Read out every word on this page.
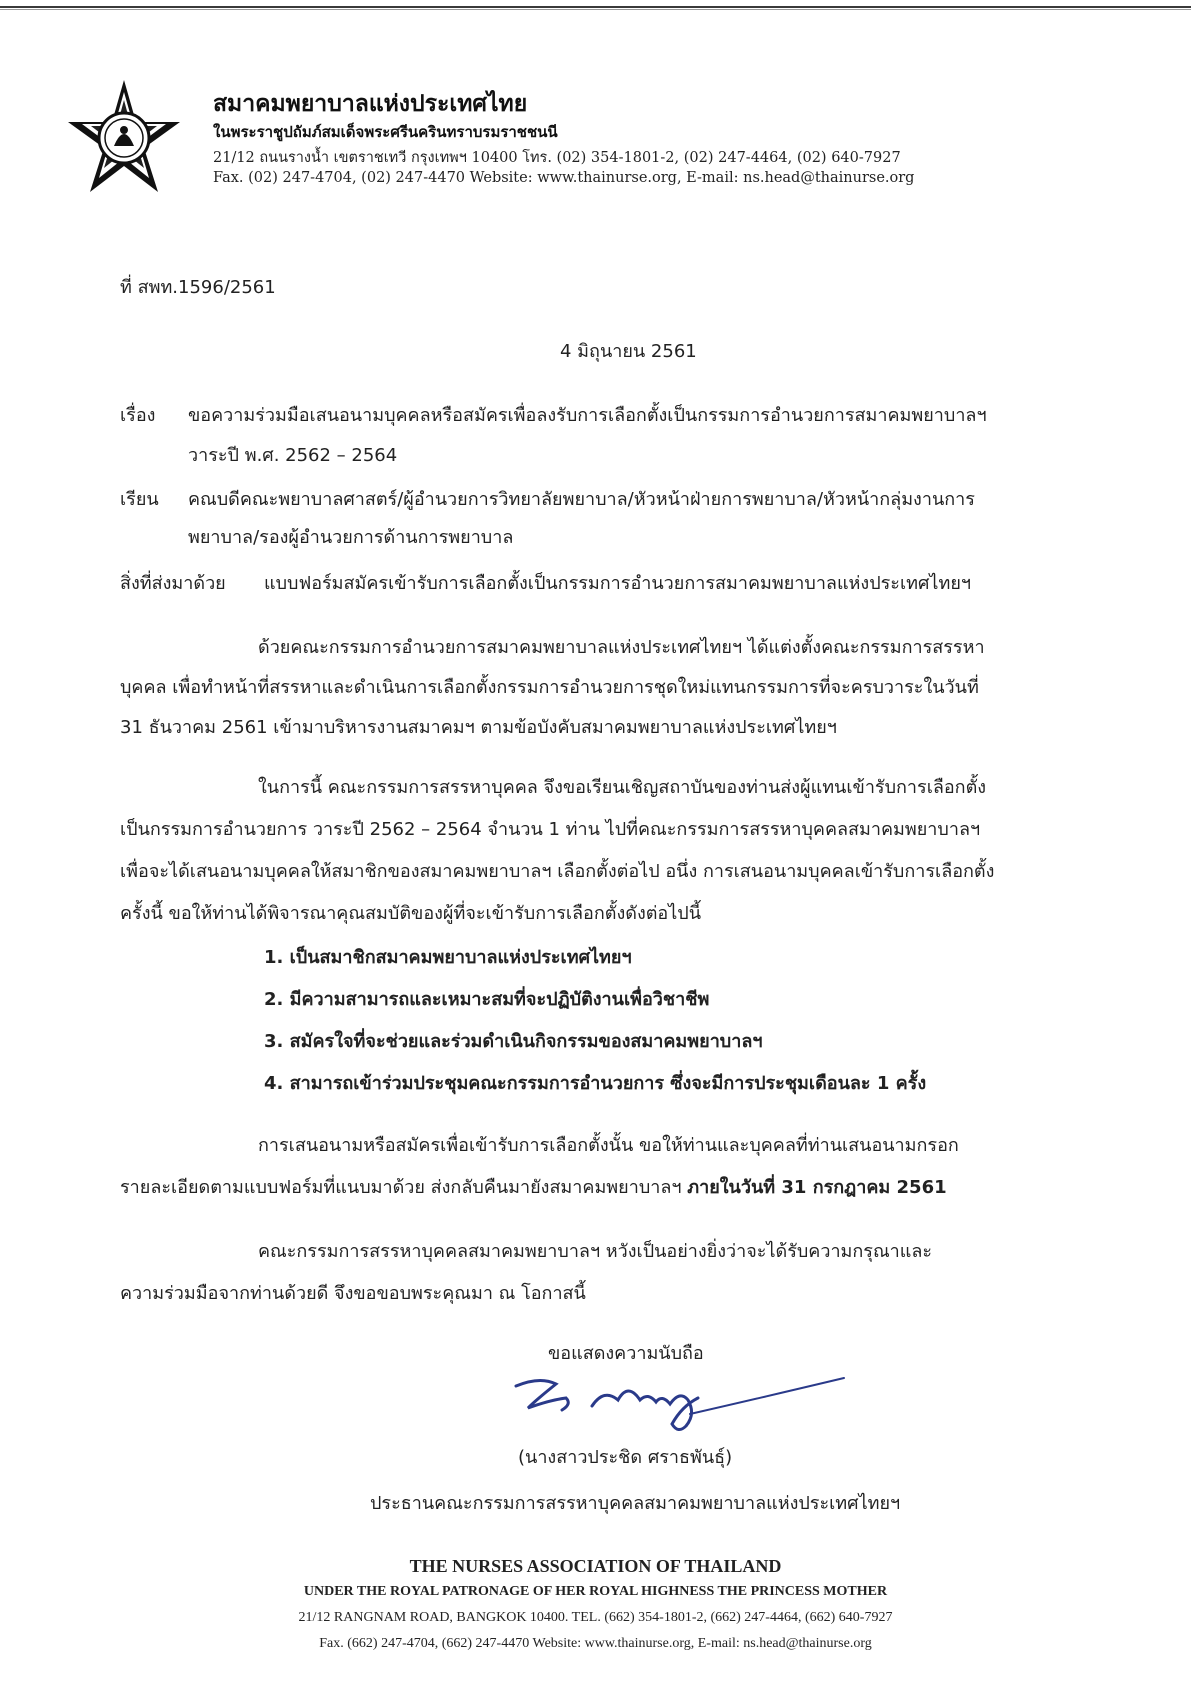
สมาคมพยาบาลแห่งประเทศไทย
ในพระราชูปถัมภ์สมเด็จพระศรีนครินทราบรมราชชนนี
21/12 ถนนรางน้ำ เขตราชเทวี กรุงเทพฯ 10400 โทร. (02) 354-1801-2, (02) 247-4464, (02) 640-7927
Fax. (02) 247-4704, (02) 247-4470 Website: www.thainurse.org, E-mail: ns.head@thainurse.org
ที่ สพท.1596/2561
4 มิถุนายน 2561
เรื่อง ขอความร่วมมือเสนอนามบุคคลหรือสมัครเพื่อลงรับการเลือกตั้งเป็นกรรมการอำนวยการสมาคมพยาบาลฯ
วาระปี พ.ศ. 2562 – 2564
เรียน คณบดีคณะพยาบาลศาสตร์/ผู้อำนวยการวิทยาลัยพยาบาล/หัวหน้าฝ่ายการพยาบาล/หัวหน้ากลุ่มงานการ
พยาบาล/รองผู้อำนวยการด้านการพยาบาล
สิ่งที่ส่งมาด้วย แบบฟอร์มสมัครเข้ารับการเลือกตั้งเป็นกรรมการอำนวยการสมาคมพยาบาลแห่งประเทศไทยฯ
ด้วยคณะกรรมการอำนวยการสมาคมพยาบาลแห่งประเทศไทยฯ ได้แต่งตั้งคณะกรรมการสรรหา
บุคคล เพื่อทำหน้าที่สรรหาและดำเนินการเลือกตั้งกรรมการอำนวยการชุดใหม่แทนกรรมการที่จะครบวาระในวันที่
31 ธันวาคม 2561 เข้ามาบริหารงานสมาคมฯ ตามข้อบังคับสมาคมพยาบาลแห่งประเทศไทยฯ
ในการนี้ คณะกรรมการสรรหาบุคคล จึงขอเรียนเชิญสถาบันของท่านส่งผู้แทนเข้ารับการเลือกตั้ง
เป็นกรรมการอำนวยการ วาระปี 2562 – 2564 จำนวน 1 ท่าน ไปที่คณะกรรมการสรรหาบุคคลสมาคมพยาบาลฯ
เพื่อจะได้เสนอนามบุคคลให้สมาชิกของสมาคมพยาบาลฯ เลือกตั้งต่อไป อนึ่ง การเสนอนามบุคคลเข้ารับการเลือกตั้ง
ครั้งนี้ ขอให้ท่านได้พิจารณาคุณสมบัติของผู้ที่จะเข้ารับการเลือกตั้งดังต่อไปนี้
1. เป็นสมาชิกสมาคมพยาบาลแห่งประเทศไทยฯ
2. มีความสามารถและเหมาะสมที่จะปฏิบัติงานเพื่อวิชาชีพ
3. สมัครใจที่จะช่วยและร่วมดำเนินกิจกรรมของสมาคมพยาบาลฯ
4. สามารถเข้าร่วมประชุมคณะกรรมการอำนวยการ ซึ่งจะมีการประชุมเดือนละ 1 ครั้ง
การเสนอนามหรือสมัครเพื่อเข้ารับการเลือกตั้งนั้น ขอให้ท่านและบุคคลที่ท่านเสนอนามกรอก
รายละเอียดตามแบบฟอร์มที่แนบมาด้วย ส่งกลับคืนมายังสมาคมพยาบาลฯ ภายในวันที่ 31 กรกฎาคม 2561
คณะกรรมการสรรหาบุคคลสมาคมพยาบาลฯ หวังเป็นอย่างยิ่งว่าจะได้รับความกรุณาและ
ความร่วมมือจากท่านด้วยดี จึงขอขอบพระคุณมา ณ โอกาสนี้
ขอแสดงความนับถือ
(นางสาวประชิด ศราธพันธุ์)
ประธานคณะกรรมการสรรหาบุคคลสมาคมพยาบาลแห่งประเทศไทยฯ
THE NURSES ASSOCIATION OF THAILAND
UNDER THE ROYAL PATRONAGE OF HER ROYAL HIGHNESS THE PRINCESS MOTHER
21/12 RANGNAM ROAD, BANGKOK 10400. TEL. (662) 354-1801-2, (662) 247-4464, (662) 640-7927
Fax. (662) 247-4704, (662) 247-4470 Website: www.thainurse.org, E-mail: ns.head@thainurse.org
